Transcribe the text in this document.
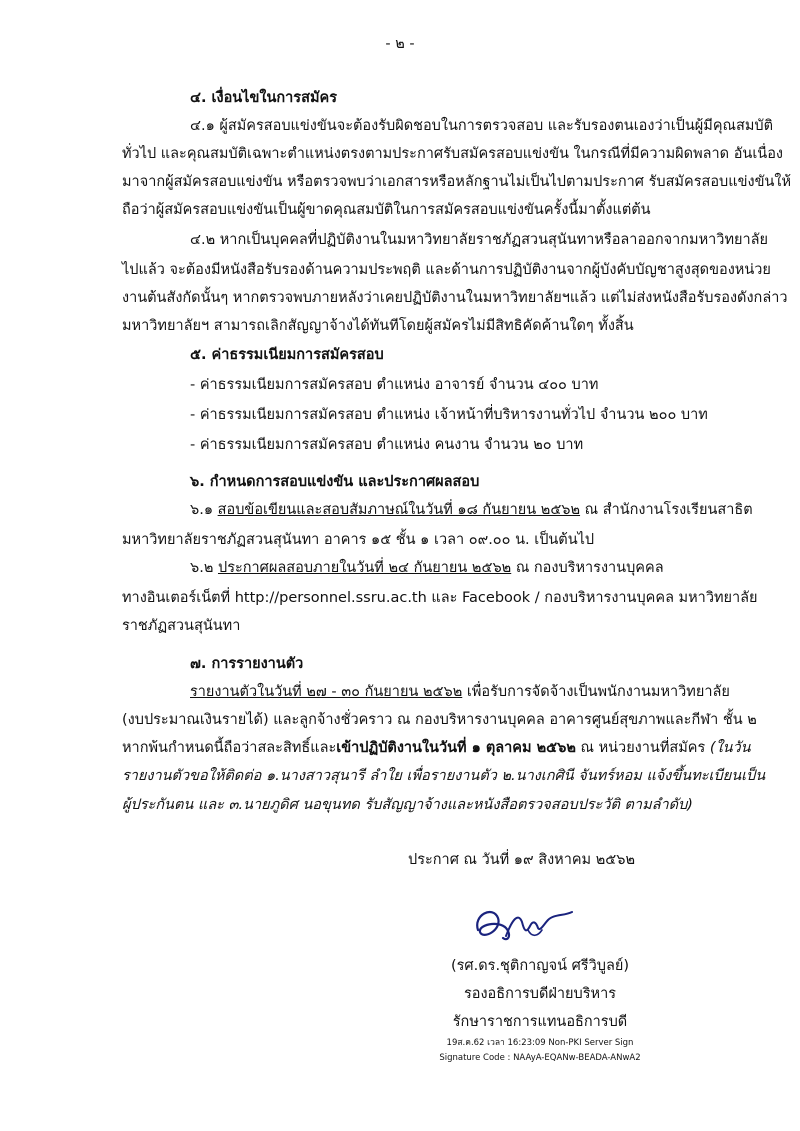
- ๒ -
๔. เงื่อนไขในการสมัคร
๔.๑ ผู้สมัครสอบแข่งขันจะต้องรับผิดชอบในการตรวจสอบ และรับรองตนเองว่าเป็นผู้มีคุณสมบัติ
ทั่วไป และคุณสมบัติเฉพาะตำแหน่งตรงตามประกาศรับสมัครสอบแข่งขัน ในกรณีที่มีความผิดพลาด อันเนื่อง
มาจากผู้สมัครสอบแข่งขัน หรือตรวจพบว่าเอกสารหรือหลักฐานไม่เป็นไปตามประกาศ รับสมัครสอบแข่งขันให้
ถือว่าผู้สมัครสอบแข่งขันเป็นผู้ขาดคุณสมบัติในการสมัครสอบแข่งขันครั้งนี้มาตั้งแต่ต้น
๔.๒ หากเป็นบุคคลที่ปฏิบัติงานในมหาวิทยาลัยราชภัฏสวนสุนันทาหรือลาออกจากมหาวิทยาลัย
ไปแล้ว จะต้องมีหนังสือรับรองด้านความประพฤติ และด้านการปฏิบัติงานจากผู้บังคับบัญชาสูงสุดของหน่วย
งานต้นสังกัดนั้นๆ หากตรวจพบภายหลังว่าเคยปฏิบัติงานในมหาวิทยาลัยฯแล้ว แต่ไม่ส่งหนังสือรับรองดังกล่าว
มหาวิทยาลัยฯ สามารถเลิกสัญญาจ้างได้ทันทีโดยผู้สมัครไม่มีสิทธิคัดค้านใดๆ ทั้งสิ้น
๕. ค่าธรรมเนียมการสมัครสอบ
- ค่าธรรมเนียมการสมัครสอบ ตำแหน่ง อาจารย์ จำนวน ๔๐๐ บาท
- ค่าธรรมเนียมการสมัครสอบ ตำแหน่ง เจ้าหน้าที่บริหารงานทั่วไป จำนวน ๒๐๐ บาท
- ค่าธรรมเนียมการสมัครสอบ ตำแหน่ง คนงาน จำนวน ๒๐ บาท
๖. กำหนดการสอบแข่งขัน และประกาศผลสอบ
๖.๑ สอบข้อเขียนและสอบสัมภาษณ์ในวันที่ ๑๘ กันยายน ๒๕๖๒ ณ สำนักงานโรงเรียนสาธิต
มหาวิทยาลัยราชภัฏสวนสุนันทา อาคาร ๑๕ ชั้น ๑ เวลา ๐๙.๐๐ น. เป็นต้นไป
๖.๒ ประกาศผลสอบภายในวันที่ ๒๔ กันยายน ๒๕๖๒ ณ กองบริหารงานบุคคล
ทางอินเตอร์เน็ตที่ http://personnel.ssru.ac.th และ Facebook / กองบริหารงานบุคคล มหาวิทยาลัย
ราชภัฏสวนสุนันทา
๗. การรายงานตัว
รายงานตัวในวันที่ ๒๗ - ๓๐ กันยายน ๒๕๖๒ เพื่อรับการจัดจ้างเป็นพนักงานมหาวิทยาลัย
(งบประมาณเงินรายได้) และลูกจ้างชั่วคราว ณ กองบริหารงานบุคคล อาคารศูนย์สุขภาพและกีฬา ชั้น ๒
หากพ้นกำหนดนี้ถือว่าสละสิทธิ์และเข้าปฏิบัติงานในวันที่ ๑ ตุลาคม ๒๕๖๒ ณ หน่วยงานที่สมัคร (ในวัน
รายงานตัวขอให้ติดต่อ ๑.นางสาวสุนารี ลำใย เพื่อรายงานตัว ๒.นางเกศินี จันทร์หอม แจ้งขึ้นทะเบียนเป็น
ผู้ประกันตน และ ๓.นายภูดิศ นอขุนทด รับสัญญาจ้างและหนังสือตรวจสอบประวัติ ตามลำดับ)
ประกาศ ณ วันที่ ๑๙ สิงหาคม ๒๕๖๒
(รศ.ดร.ชุติกาญจน์ ศรีวิบูลย์)
รองอธิการบดีฝ่ายบริหาร
รักษาราชการแทนอธิการบดี
19ส.ค.62 เวลา 16:23:09 Non-PKI Server Sign
Signature Code : NAAyA-EQANw-BEADA-ANwA2
